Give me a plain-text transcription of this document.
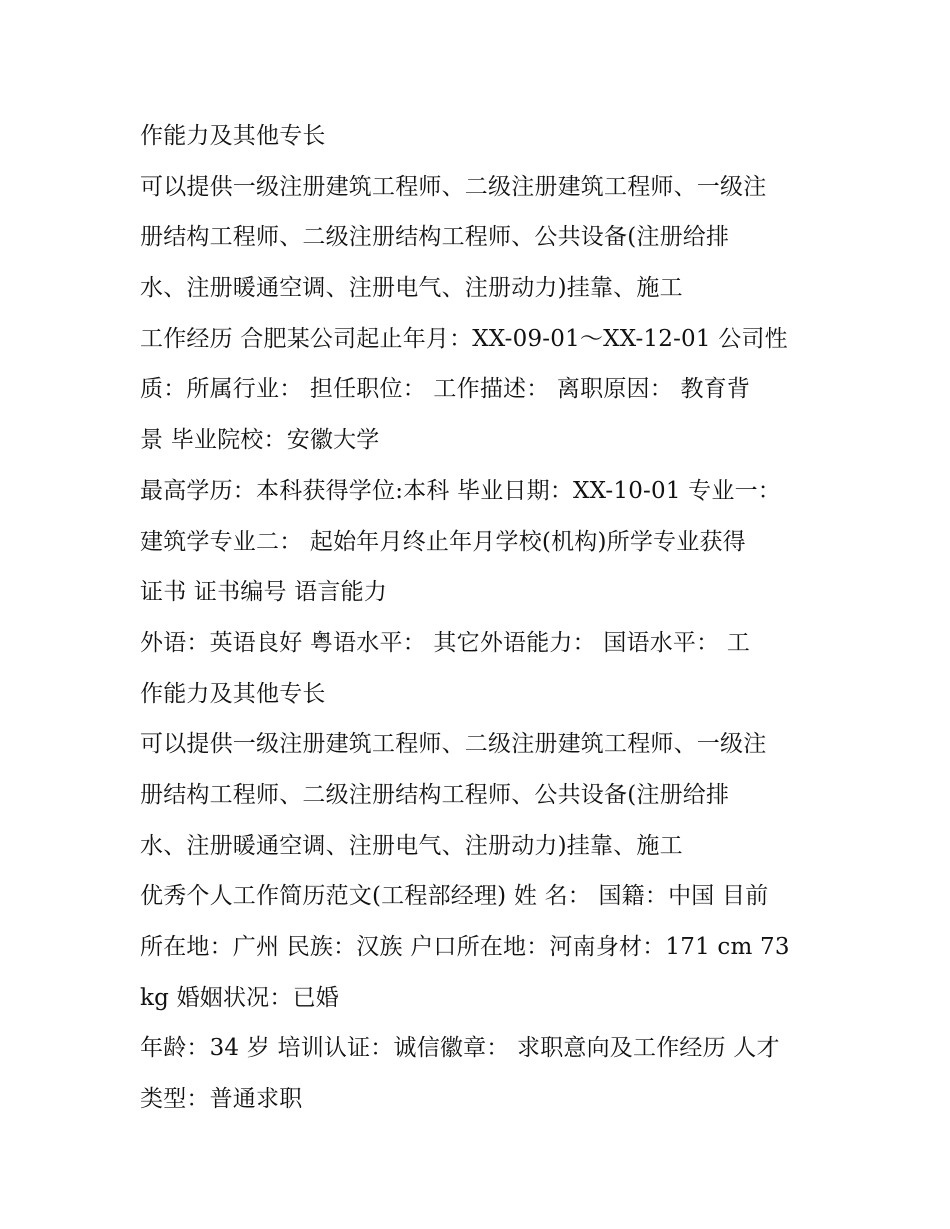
作能力及其他专长
可以提供一级注册建筑工程师、二级注册建筑工程师、一级注
册结构工程师、二级注册结构工程师、公共设备(注册给排
水、注册暖通空调、注册电气、注册动力)挂靠、施工
工作经历 合肥某公司起止年月：XX-09-01～XX-12-01 公司性
质：所属行业： 担任职位： 工作描述： 离职原因： 教育背
景 毕业院校：安徽大学
最高学历：本科获得学位:本科 毕业日期：XX-10-01 专业一：
建筑学专业二： 起始年月终止年月学校(机构)所学专业获得
证书 证书编号 语言能力
外语：英语良好 粤语水平： 其它外语能力： 国语水平： 工
作能力及其他专长
可以提供一级注册建筑工程师、二级注册建筑工程师、一级注
册结构工程师、二级注册结构工程师、公共设备(注册给排
水、注册暖通空调、注册电气、注册动力)挂靠、施工
优秀个人工作简历范文(工程部经理) 姓 名： 国籍：中国 目前
所在地：广州 民族：汉族 户口所在地：河南身材：171 cm 73
kg 婚姻状况：已婚
年龄：34 岁 培训认证：诚信徽章： 求职意向及工作经历 人才
类型：普通求职
